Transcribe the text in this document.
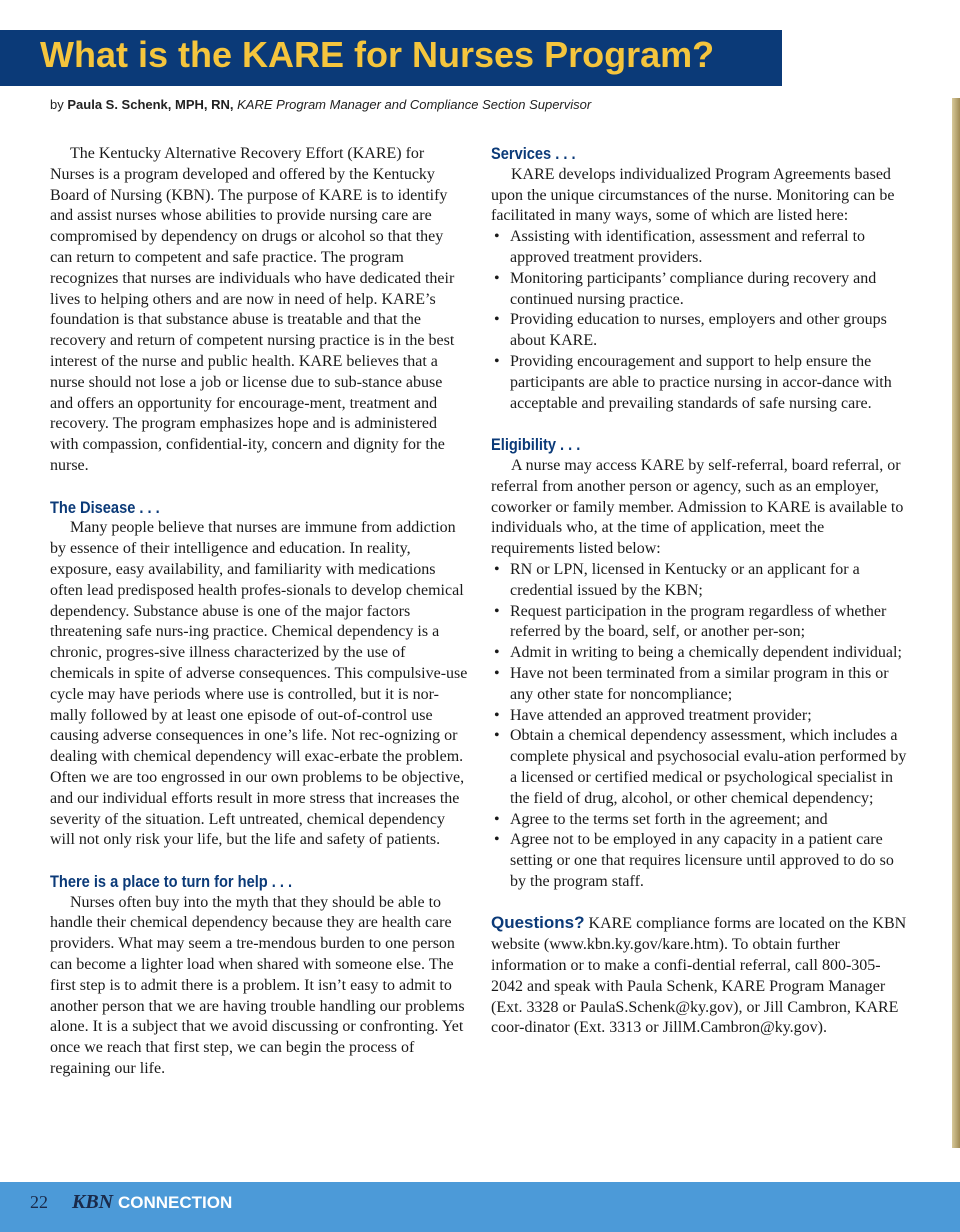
What is the KARE for Nurses Program?
by Paula S. Schenk, MPH, RN, KARE Program Manager and Compliance Section Supervisor

The Kentucky Alternative Recovery Effort (KARE) for Nurses is a program developed and offered by the Kentucky Board of Nursing (KBN). The purpose of KARE is to identify and assist nurses whose abilities to provide nursing care are compromised by dependency on drugs or alcohol so that they can return to competent and safe practice. The program recognizes that nurses are individuals who have dedicated their lives to helping others and are now in need of help. KARE’s foundation is that substance abuse is treatable and that the recovery and return of competent nursing practice is in the best interest of the nurse and public health. KARE believes that a nurse should not lose a job or license due to sub-stance abuse and offers an opportunity for encourage-ment, treatment and recovery. The program emphasizes hope and is administered with compassion, confidential-ity, concern and dignity for the nurse.

The Disease . . .

Many people believe that nurses are immune from addiction by essence of their intelligence and education. In reality, exposure, easy availability, and familiarity with medications often lead predisposed health profes-sionals to develop chemical dependency. Substance abuse is one of the major factors threatening safe nurs-ing practice. Chemical dependency is a chronic, progres-sive illness characterized by the use of chemicals in spite of adverse consequences. This compulsive-use cycle may have periods where use is controlled, but it is nor-mally followed by at least one episode of out-of-control use causing adverse consequences in one’s life. Not rec-ognizing or dealing with chemical dependency will exac-erbate the problem. Often we are too engrossed in our own problems to be objective, and our individual efforts result in more stress that increases the severity of the situation. Left untreated, chemical dependency will not only risk your life, but the life and safety of patients.

There is a place to turn for help . . .

Nurses often buy into the myth that they should be able to handle their chemical dependency because they are health care providers. What may seem a tre-mendous burden to one person can become a lighter load when shared with someone else. The first step is to admit there is a problem. It isn’t easy to admit to another person that we are having trouble handling our problems alone. It is a subject that we avoid discussing or confronting. Yet once we reach that first step, we can begin the process of regaining our life.

Services . . .

KARE develops individualized Program Agreements based upon the unique circumstances of the nurse. Monitoring can be facilitated in many ways, some of which are listed here:

• Assisting with identification, assessment and referral to approved treatment providers.
• Monitoring participants’ compliance during recovery and continued nursing practice.
• Providing education to nurses, employers and other groups about KARE.
• Providing encouragement and support to help ensure the participants are able to practice nursing in accor-dance with acceptable and prevailing standards of safe nursing care.

Eligibility . . .

A nurse may access KARE by self-referral, board referral, or referral from another person or agency, such as an employer, coworker or family member. Admission to KARE is available to individuals who, at the time of application, meet the requirements listed below:

• RN or LPN, licensed in Kentucky or an applicant for a credential issued by the KBN;
• Request participation in the program regardless of whether referred by the board, self, or another per-son;
• Admit in writing to being a chemically dependent individual;
• Have not been terminated from a similar program in this or any other state for noncompliance;
• Have attended an approved treatment provider;
• Obtain a chemical dependency assessment, which includes a complete physical and psychosocial evalu-ation performed by a licensed or certified medical or psychological specialist in the field of drug, alcohol, or other chemical dependency;
• Agree to the terms set forth in the agreement; and
• Agree not to be employed in any capacity in a patient care setting or one that requires licensure until approved to do so by the program staff.

Questions? KARE compliance forms are located on the KBN website (www.kbn.ky.gov/kare.htm). To obtain further information or to make a confi-dential referral, call 800-305-2042 and speak with Paula Schenk, KARE Program Manager (Ext. 3328 or PaulaS.Schenk@ky.gov), or Jill Cambron, KARE coor-dinator (Ext. 3313 or JillM.Cambron@ky.gov).

22 KBN CONNECTION
